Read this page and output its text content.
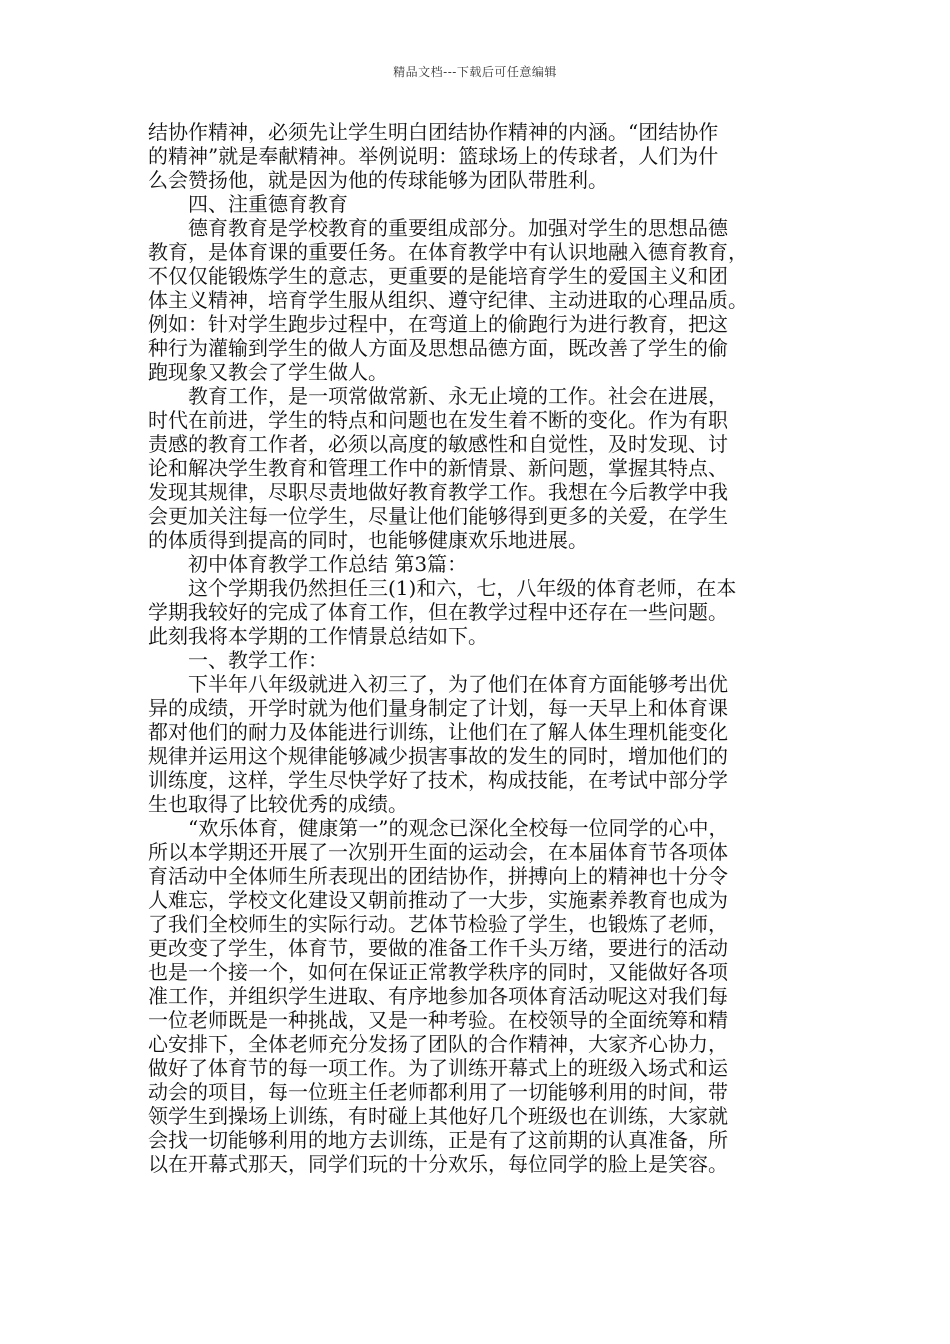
精品文档---下载后可任意编辑
结协作精神，必须先让学生明白团结协作精神的内涵。“团结协作
的精神”就是奉献精神。举例说明：篮球场上的传球者，人们为什
么会赞扬他，就是因为他的传球能够为团队带胜利。
四、注重德育教育
德育教育是学校教育的重要组成部分。加强对学生的思想品德
教育，是体育课的重要任务。在体育教学中有认识地融入德育教育，
不仅仅能锻炼学生的意志，更重要的是能培育学生的爱国主义和团
体主义精神，培育学生服从组织、遵守纪律、主动进取的心理品质。
例如：针对学生跑步过程中，在弯道上的偷跑行为进行教育，把这
种行为灌输到学生的做人方面及思想品德方面，既改善了学生的偷
跑现象又教会了学生做人。
教育工作，是一项常做常新、永无止境的工作。社会在进展，
时代在前进，学生的特点和问题也在发生着不断的变化。作为有职
责感的教育工作者，必须以高度的敏感性和自觉性，及时发现、讨
论和解决学生教育和管理工作中的新情景、新问题，掌握其特点、
发现其规律，尽职尽责地做好教育教学工作。我想在今后教学中我
会更加关注每一位学生，尽量让他们能够得到更多的关爱，在学生
的体质得到提高的同时，也能够健康欢乐地进展。
初中体育教学工作总结 第3篇：
这个学期我仍然担任三(1)和六，七，八年级的体育老师，在本
学期我较好的完成了体育工作，但在教学过程中还存在一些问题。
此刻我将本学期的工作情景总结如下。
一、教学工作：
下半年八年级就进入初三了，为了他们在体育方面能够考出优
异的成绩，开学时就为他们量身制定了计划，每一天早上和体育课
都对他们的耐力及体能进行训练，让他们在了解人体生理机能变化
规律并运用这个规律能够减少损害事故的发生的同时，增加他们的
训练度，这样，学生尽快学好了技术，构成技能，在考试中部分学
生也取得了比较优秀的成绩。
“欢乐体育，健康第一”的观念已深化全校每一位同学的心中，
所以本学期还开展了一次别开生面的运动会，在本届体育节各项体
育活动中全体师生所表现出的团结协作，拼搏向上的精神也十分令
人难忘，学校文化建设又朝前推动了一大步，实施素养教育也成为
了我们全校师生的实际行动。艺体节检验了学生，也锻炼了老师，
更改变了学生，体育节，要做的准备工作千头万绪，要进行的活动
也是一个接一个，如何在保证正常教学秩序的同时，又能做好各项
准工作，并组织学生进取、有序地参加各项体育活动呢这对我们每
一位老师既是一种挑战，又是一种考验。在校领导的全面统筹和精
心安排下，全体老师充分发扬了团队的合作精神，大家齐心协力，
做好了体育节的每一项工作。为了训练开幕式上的班级入场式和运
动会的项目，每一位班主任老师都利用了一切能够利用的时间，带
领学生到操场上训练，有时碰上其他好几个班级也在训练，大家就
会找一切能够利用的地方去训练，正是有了这前期的认真准备，所
以在开幕式那天，同学们玩的十分欢乐，每位同学的脸上是笑容。
